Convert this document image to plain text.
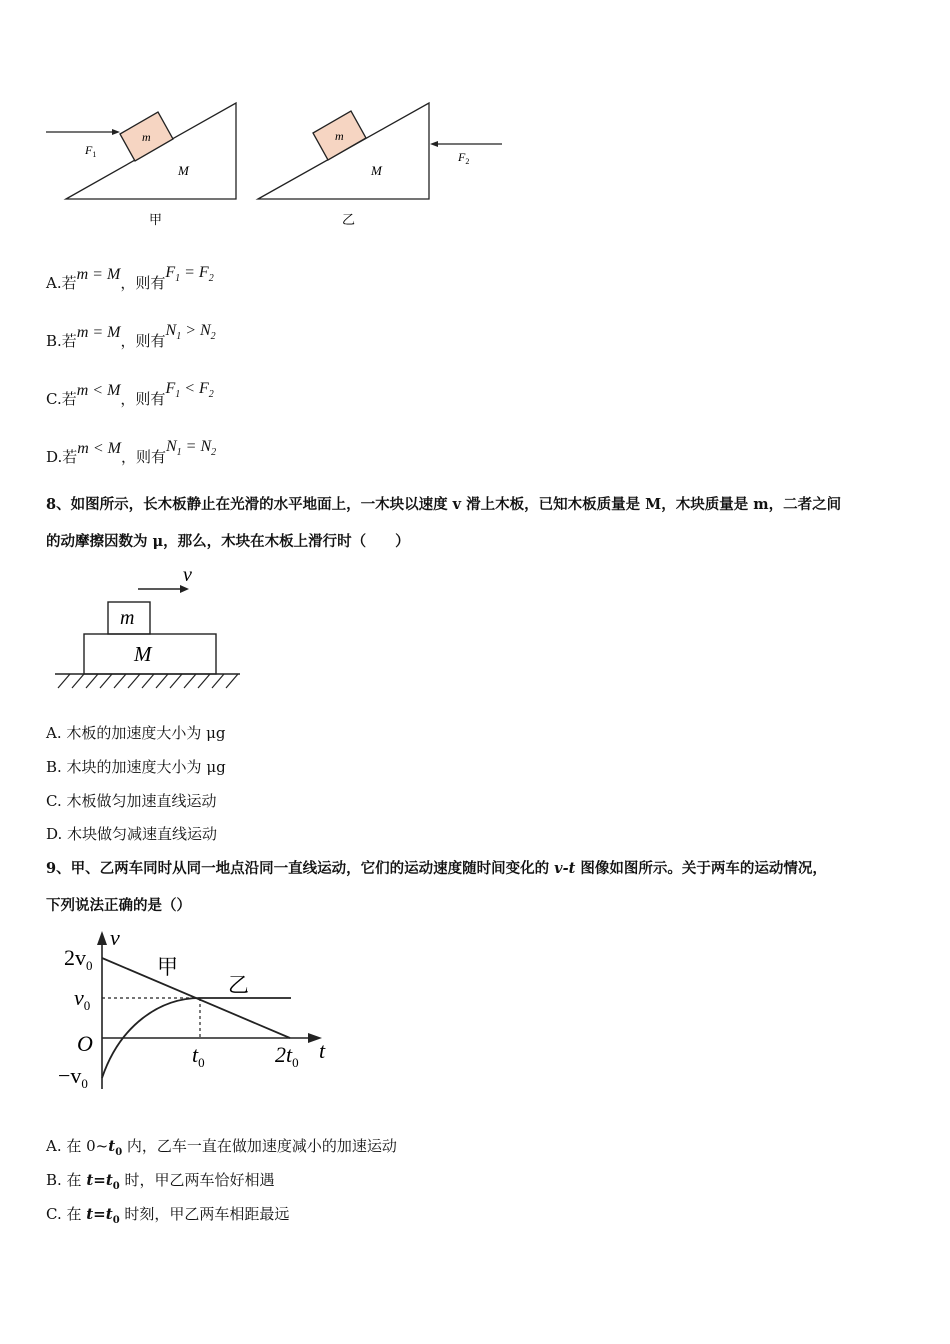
m
M
$F_1$
甲
m
M
$F_2$
乙
A.若m = M，则有$F_1 = F_2$
B.若m = M，则有$N_1 > N_2$
C.若m < M，则有$F_1 < F_2$
D.若m < M，则有$N_1 = N_2$
8、如图所示，长木板静止在光滑的水平地面上，一木块以速度 v 滑上木板，已知木板质量是 M，木块质量是 m，二者之间
的动摩擦因数为 μ，那么，木块在木板上滑行时（　　）
v
m
M
A. 木板的加速度大小为 μg
B. 木块的加速度大小为 μg
C. 木板做匀加速直线运动
D. 木块做匀减速直线运动
9、甲、乙两车同时从同一地点沿同一直线运动，它们的运动速度随时间变化的 v-t 图像如图所示。关于两车的运动情况，
下列说法正确的是（）
v
t
O
$2v_0$
$v_0$
$-v_0$
$t_0$	$2t_0$
甲
乙
A. 在 $0\sim t_0$ 内，乙车一直在做加速度减小的加速运动
B. 在 $t=t_0$ 时，甲乙两车恰好相遇
C. 在 $t=t_0$ 时刻，甲乙两车相距最远
